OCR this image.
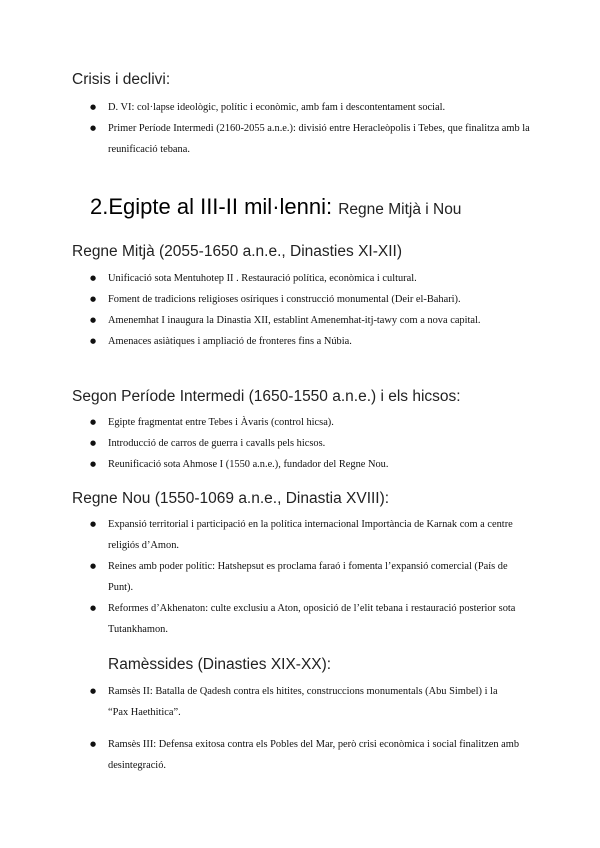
Crisis i declivi:
● D. VI: col·lapse ideològic, polític i econòmic, amb fam i descontentament social.
● Primer Període Intermedi (2160-2055 a.n.e.): divisió entre Heracleòpolis i Tebes, que finalitza amb la reunificació tebana.
2.Egipte al III-II mil·lenni: Regne Mitjà i Nou
Regne Mitjà (2055-1650 a.n.e., Dinasties XI-XII)
● Unificació sota Mentuhotep II . Restauració política, econòmica i cultural.
● Foment de tradicions religioses osíriques i construcció monumental (Deir el-Bahari).
● Amenemhat I inaugura la Dinastia XII, establint Amenemhat-itj-tawy com a nova capital.
● Amenaces asiàtiques i ampliació de fronteres fins a Núbia.
Segon Període Intermedi (1650-1550 a.n.e.) i els hicsos:
● Egipte fragmentat entre Tebes i Àvaris (control hicsa).
● Introducció de carros de guerra i cavalls pels hicsos.
● Reunificació sota Ahmose I (1550 a.n.e.), fundador del Regne Nou.
Regne Nou (1550-1069 a.n.e., Dinastia XVIII):
● Expansió territorial i participació en la política internacional Importància de Karnak com a centre religiós d’Amon.
● Reines amb poder polític: Hatshepsut es proclama faraó i fomenta l’expansió comercial (País de Punt).
● Reformes d’Akhenaton: culte exclusiu a Aton, oposició de l’elit tebana i restauració posterior sota Tutankhamon.
Ramèssides (Dinasties XIX-XX):
● Ramsès II: Batalla de Qadesh contra els hitites, construccions monumentals (Abu Simbel) i la “Pax Haethitica”.
● Ramsès III: Defensa exitosa contra els Pobles del Mar, però crisi econòmica i social finalitzen amb desintegració.
